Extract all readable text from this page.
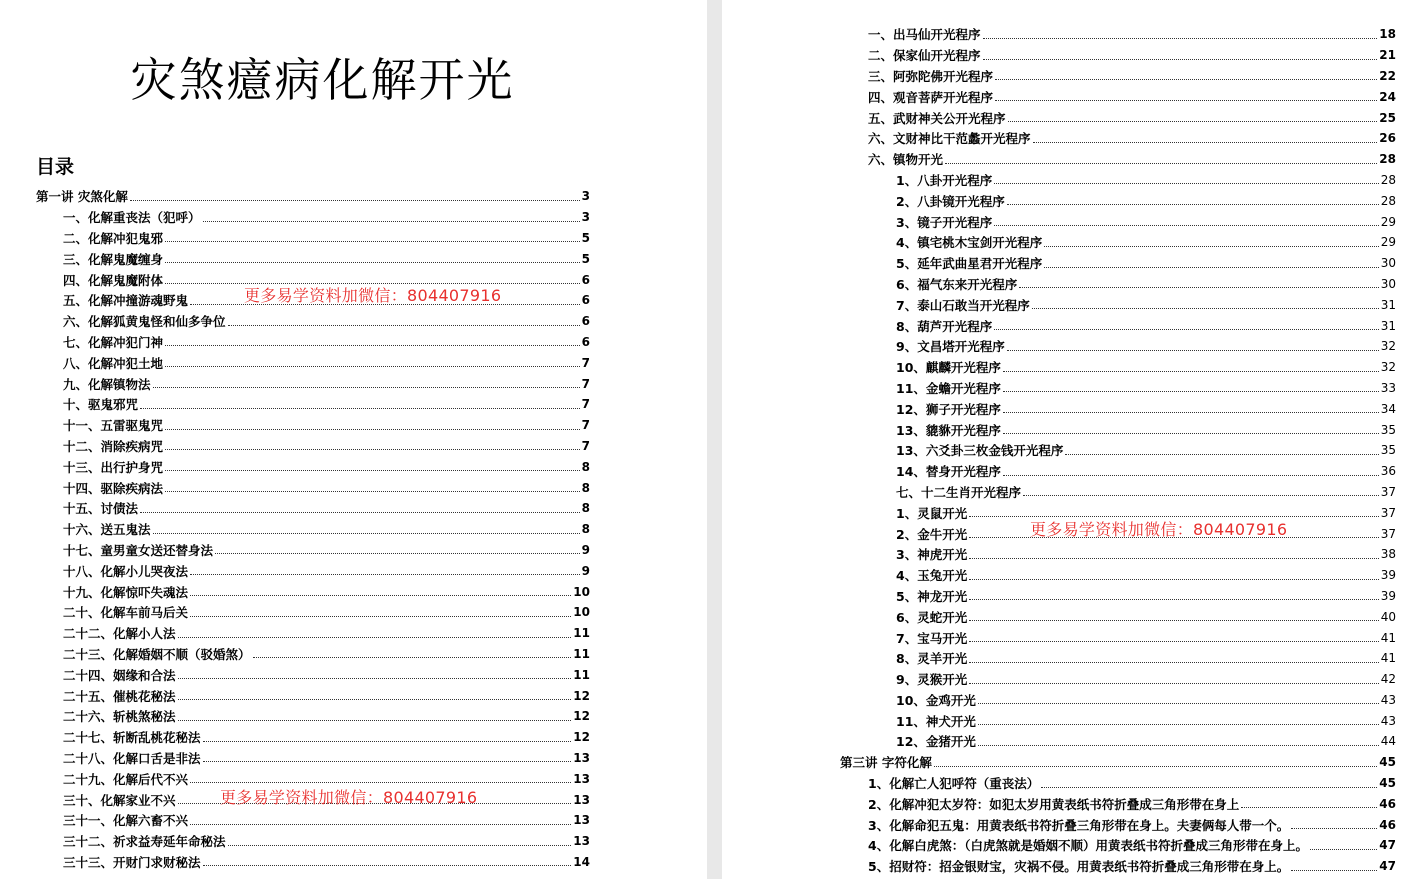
灾煞癔病化解开光
目录
第一讲 灾煞化解	3
一、化解重丧法（犯呼）	3
二、化解冲犯鬼邪	5
三、化解鬼魔缠身	5
四、化解鬼魔附体	6
五、化解冲撞游魂野鬼	6
六、化解狐黄鬼怪和仙多争位	6
七、化解冲犯门神	6
八、化解冲犯土地	7
九、化解镇物法	7
十、驱鬼邪咒	7
十一、五雷驱鬼咒	7
十二、消除疾病咒	7
十三、出行护身咒	8
十四、驱除疾病法	8
十五、讨债法	8
十六、送五鬼法	8
十七、童男童女送还替身法	9
十八、化解小儿哭夜法	9
十九、化解惊吓失魂法	10
二十、化解车前马后关	10
二十二、化解小人法	11
二十三、化解婚姻不顺（驳婚煞）	11
二十四、姻缘和合法	11
二十五、催桃花秘法	12
二十六、斩桃煞秘法	12
二十七、斩断乱桃花秘法	12
二十八、化解口舌是非法	13
二十九、化解后代不兴	13
三十、化解家业不兴	13
三十一、化解六畜不兴	13
三十二、祈求益寿延年命秘法	13
三十三、开财门求财秘法	14
更多易学资料加微信：804407916
更多易学资料加微信：804407916
一、出马仙开光程序	18
二、保家仙开光程序	21
三、阿弥陀佛开光程序	22
四、观音菩萨开光程序	24
五、武财神关公开光程序	25
六、文财神比干范蠡开光程序	26
六、镇物开光	28
1、八卦开光程序	28
2、八卦镜开光程序	28
3、镜子开光程序	29
4、镇宅桃木宝剑开光程序	29
5、延年武曲星君开光程序	30
6、福气东来开光程序	30
7、泰山石敢当开光程序	31
8、葫芦开光程序	31
9、文昌塔开光程序	32
10、麒麟开光程序	32
11、金蟾开光程序	33
12、狮子开光程序	34
13、貔貅开光程序	35
13、六爻卦三枚金钱开光程序	35
14、替身开光程序	36
七、十二生肖开光程序	37
1、灵鼠开光	37
2、金牛开光	37
3、神虎开光	38
4、玉兔开光	39
5、神龙开光	39
6、灵蛇开光	40
7、宝马开光	41
8、灵羊开光	41
9、灵猴开光	42
10、金鸡开光	43
11、神犬开光	43
12、金猪开光	44
第三讲 字符化解	45
1、化解亡人犯呼符（重丧法）	45
2、化解冲犯太岁符：如犯太岁用黄表纸书符折叠成三角形带在身上	46
3、化解命犯五鬼：用黄表纸书符折叠三角形带在身上。夫妻俩每人带一个。	46
4、化解白虎煞：（白虎煞就是婚姻不顺）用黄表纸书符折叠成三角形带在身上。	47
5、招财符：招金银财宝，灾祸不侵。用黄表纸书符折叠成三角形带在身上。	47
更多易学资料加微信：804407916
